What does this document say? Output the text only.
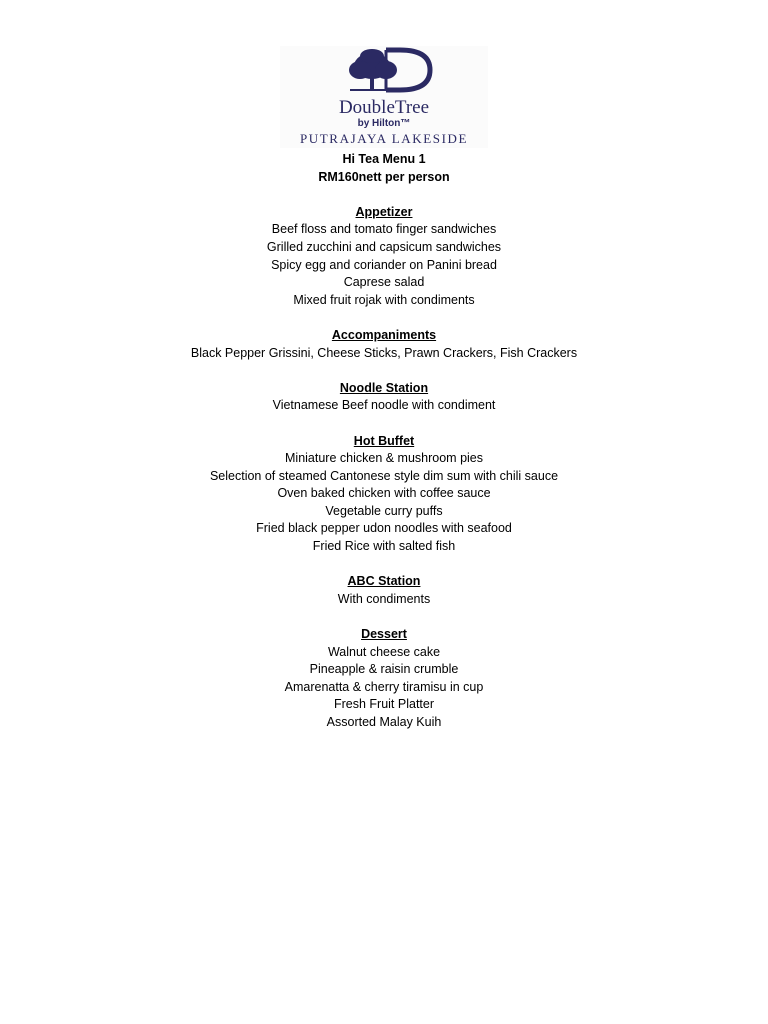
DoubleTree
by Hilton™
PUTRAJAYA LAKESIDE
Hi Tea Menu 1
RM160nett per person
Appetizer
Beef floss and tomato finger sandwiches
Grilled zucchini and capsicum sandwiches
Spicy egg and coriander on Panini bread
Caprese salad
Mixed fruit rojak with condiments
Accompaniments
Black Pepper Grissini, Cheese Sticks, Prawn Crackers, Fish Crackers
Noodle Station
Vietnamese Beef noodle with condiment
Hot Buffet
Miniature chicken & mushroom pies
Selection of steamed Cantonese style dim sum with chili sauce
Oven baked chicken with coffee sauce
Vegetable curry puffs
Fried black pepper udon noodles with seafood
Fried Rice with salted fish
ABC Station
With condiments
Dessert
Walnut cheese cake
Pineapple & raisin crumble
Amarenatta & cherry tiramisu in cup
Fresh Fruit Platter
Assorted Malay Kuih
